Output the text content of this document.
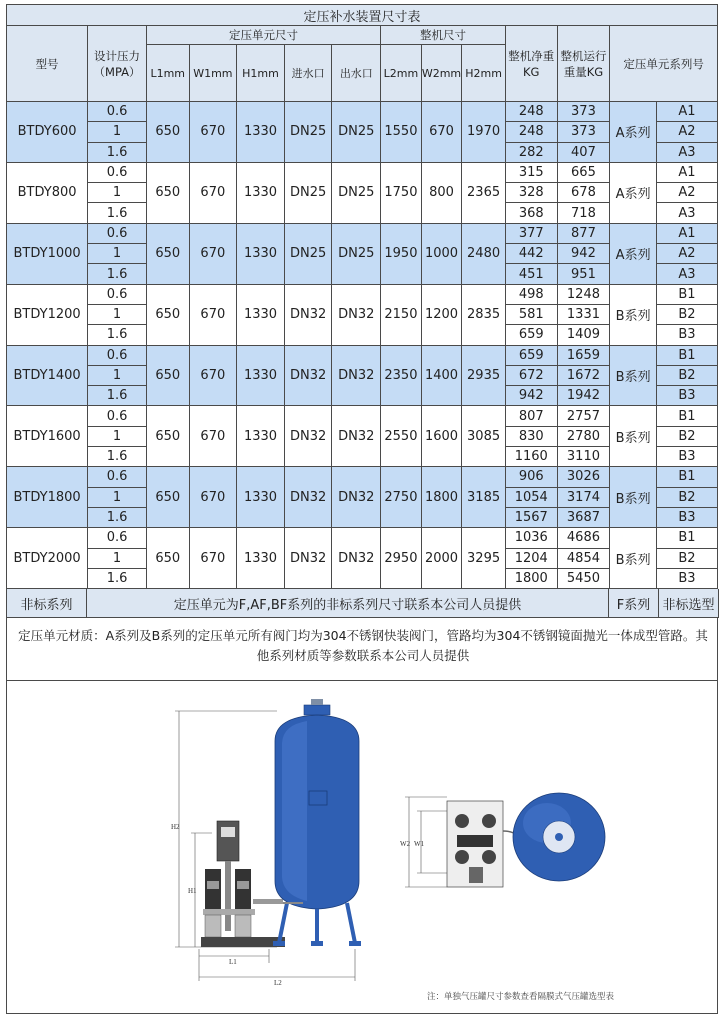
定压补水装置尺寸表													
型号	设计压力（MPA）	定压单元尺寸					整机尺寸			整机净重KG	整机运行重量KG	定压单元系列号	
		L1mm	W1mm	H1mm	进水口	出水口	L2mm	W2mm	H2mm				
BTDY600	0.6	650	670	1330	DN25	DN25	1550	670	1970	248	373	A系列	A1
	1									248	373		A2
	1.6									282	407		A3
BTDY800	0.6	650	670	1330	DN25	DN25	1750	800	2365	315	665	A系列	A1
	1									328	678		A2
	1.6									368	718		A3
BTDY1000	0.6	650	670	1330	DN25	DN25	1950	1000	2480	377	877	A系列	A1
	1									442	942		A2
	1.6									451	951		A3
BTDY1200	0.6	650	670	1330	DN32	DN32	2150	1200	2835	498	1248	B系列	B1
	1									581	1331		B2
	1.6									659	1409		B3
BTDY1400	0.6	650	670	1330	DN32	DN32	2350	1400	2935	659	1659	B系列	B1
	1									672	1672		B2
	1.6									942	1942		B3
BTDY1600	0.6	650	670	1330	DN32	DN32	2550	1600	3085	807	2757	B系列	B1
	1									830	2780		B2
	1.6									1160	3110		B3
BTDY1800	0.6	650	670	1330	DN32	DN32	2750	1800	3185	906	3026	B系列	B1
	1									1054	3174		B2
	1.6									1567	3687		B3
BTDY2000	0.6	650	670	1330	DN32	DN32	2950	2000	3295	1036	4686	B系列	B1
	1									1204	4854		B2
	1.6									1800	5450		B3
非标系列	定压单元为F,AF,BF系列的非标系列尺寸联系本公司人员提供	F系列	非标选型
定压单元材质：A系列及B系列的定压单元所有阀门均为304不锈钢快装阀门，管路均为304不锈钢镜面抛光一体成型管路。其他系列材质等参数联系本公司人员提供
H2
H1
L1
L2
W2 W1
注：单独气压罐尺寸参数查看隔膜式气压罐选型表
